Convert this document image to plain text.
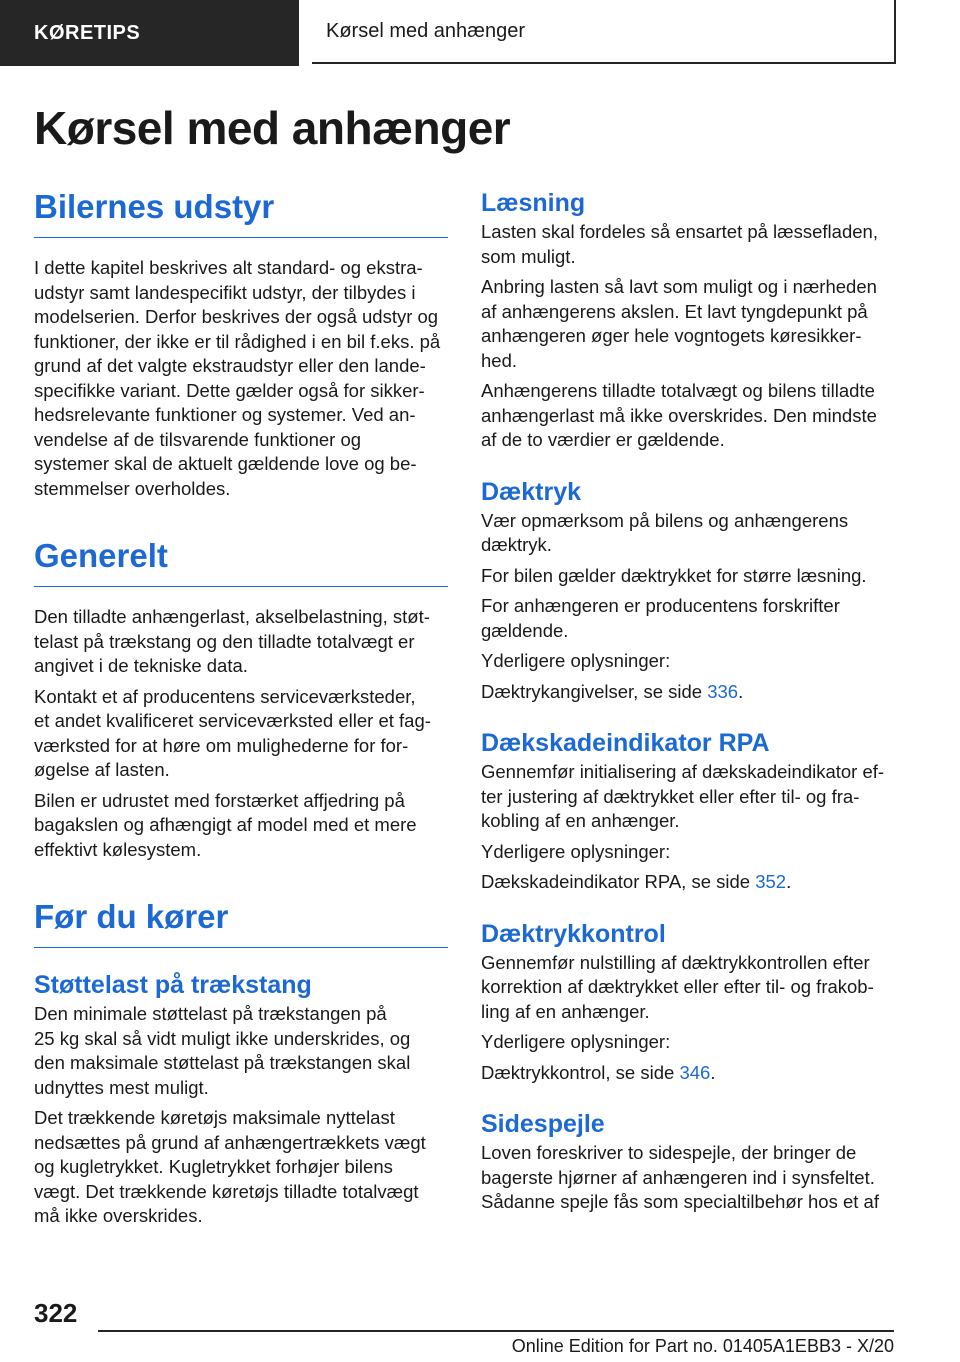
KØRETIPS	Kørsel med anhænger
Kørsel med anhænger
Bilernes udstyr

I dette kapitel beskrives alt standard- og ekstra-
udstyr samt landespecifikt udstyr, der tilbydes i
modelserien. Derfor beskrives der også udstyr og
funktioner, der ikke er til rådighed i en bil f.eks. på
grund af det valgte ekstraudstyr eller den lande-
specifikke variant. Dette gælder også for sikker-
hedsrelevante funktioner og systemer. Ved an-
vendelse af de tilsvarende funktioner og
systemer skal de aktuelt gældende love og be-
stemmelser overholdes.

Generelt

Den tilladte anhængerlast, akselbelastning, støt-
telast på trækstang og den tilladte totalvægt er
angivet i de tekniske data.

Kontakt et af producentens serviceværksteder,
et andet kvalificeret serviceværksted eller et fag-
værksted for at høre om mulighederne for for-
øgelse af lasten.

Bilen er udrustet med forstærket affjedring på
bagakslen og afhængigt af model med et mere
effektivt kølesystem.

Før du kører
Støttelast på trækstang

Den minimale støttelast på trækstangen på
25 kg skal så vidt muligt ikke underskrides, og
den maksimale støttelast på trækstangen skal
udnyttes mest muligt.

Det trækkende køretøjs maksimale nyttelast
nedsættes på grund af anhængertrækkets vægt
og kugletrykket. Kugletrykket forhøjer bilens
vægt. Det trækkende køretøjs tilladte totalvægt
må ikke overskrides.

Læsning

Lasten skal fordeles så ensartet på læssefladen,
som muligt.

Anbring lasten så lavt som muligt og i nærheden
af anhængerens akslen. Et lavt tyngdepunkt på
anhængeren øger hele vogntogets køresikker-
hed.

Anhængerens tilladte totalvægt og bilens tilladte
anhængerlast må ikke overskrides. Den mindste
af de to værdier er gældende.

Dæktryk

Vær opmærksom på bilens og anhængerens
dæktryk.

For bilen gælder dæktrykket for større læsning.

For anhængeren er producentens forskrifter
gældende.

Yderligere oplysninger:

Dæktrykangivelser, se side 336.

Dækskadeindikator RPA

Gennemfør initialisering af dækskadeindikator ef-
ter justering af dæktrykket eller efter til- og fra-
kobling af en anhænger.

Yderligere oplysninger:

Dækskadeindikator RPA, se side 352.

Dæktrykkontrol

Gennemfør nulstilling af dæktrykkontrollen efter
korrektion af dæktrykket eller efter til- og frakob-
ling af en anhænger.

Yderligere oplysninger:

Dæktrykkontrol, se side 346.

Sidespejle

Loven foreskriver to sidespejle, der bringer de
bagerste hjørner af anhængeren ind i synsfeltet.
Sådanne spejle fås som specialtilbehør hos et af

322
Online Edition for Part no. 01405A1EBB3 - X/20
